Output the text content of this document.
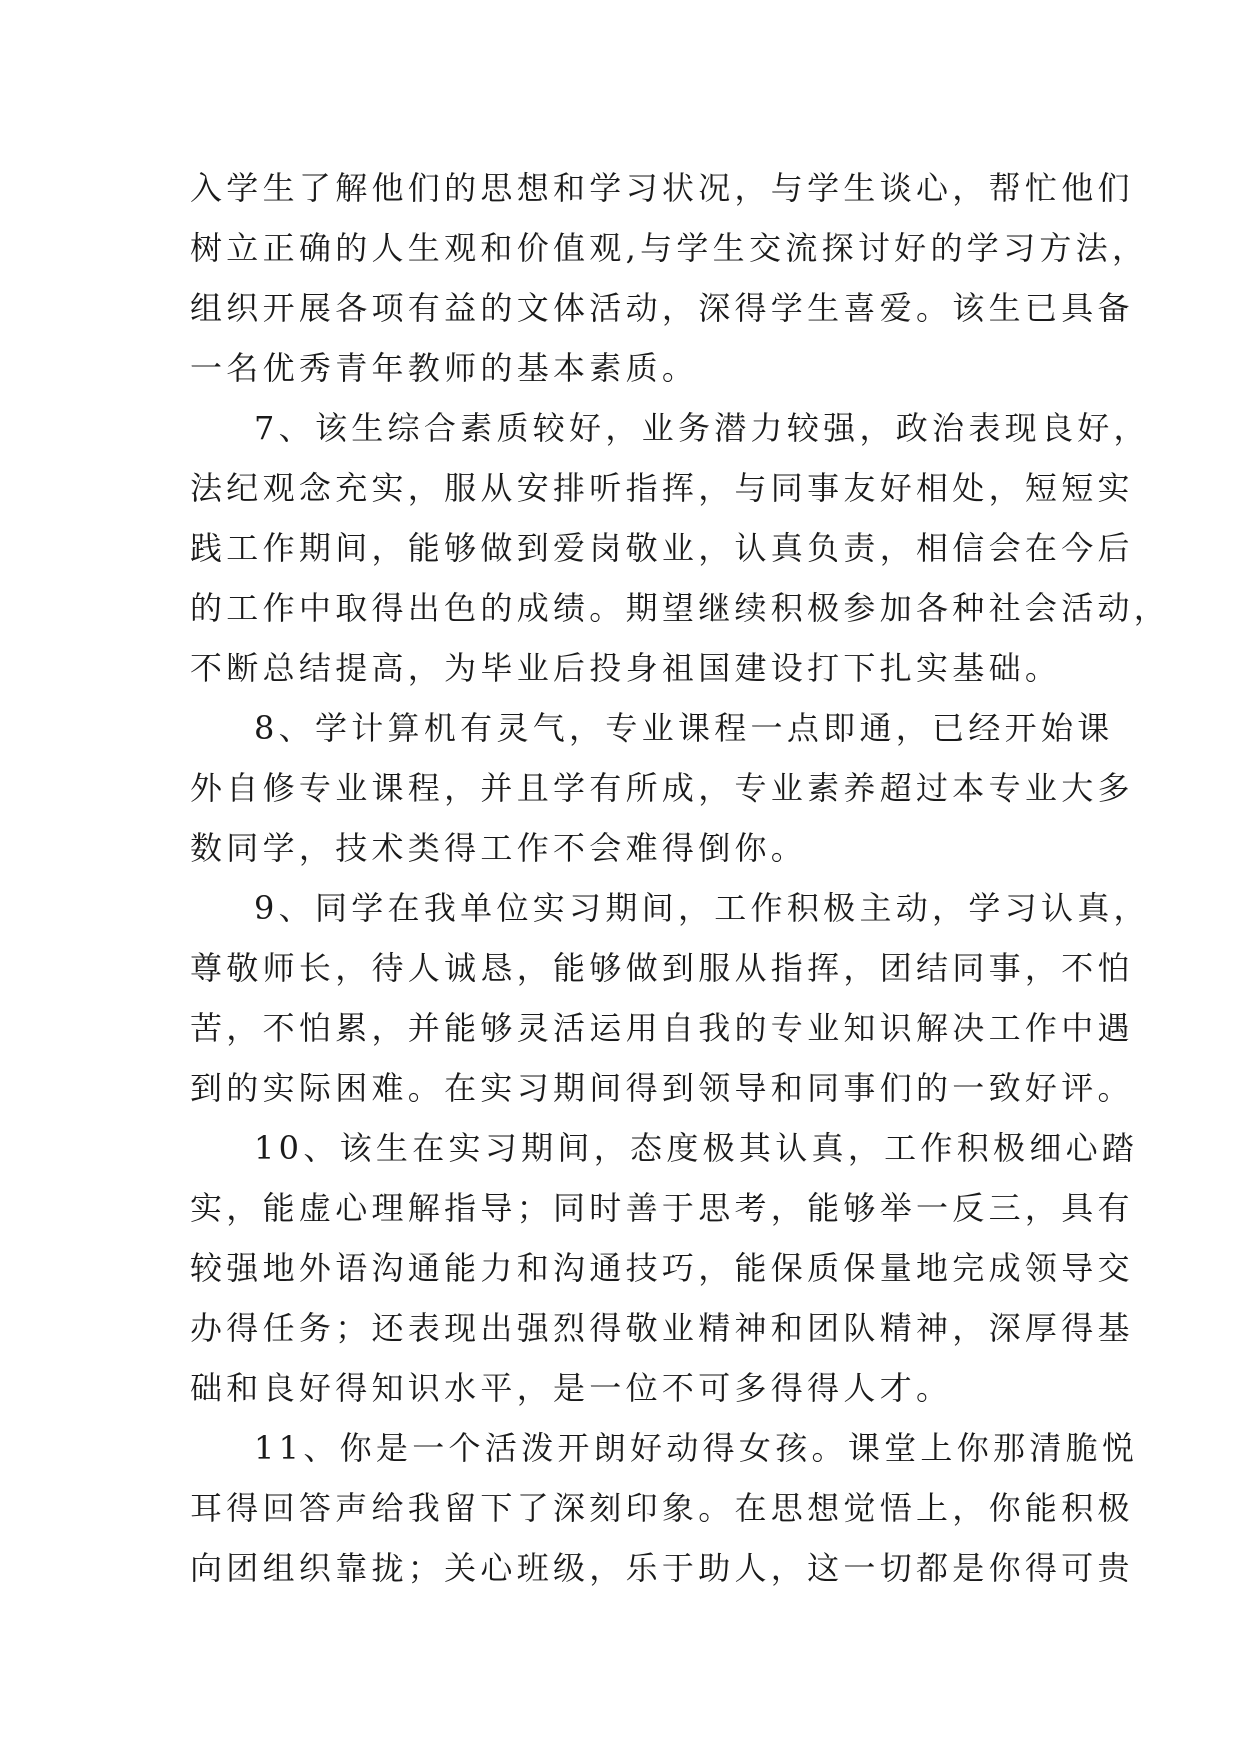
入学生了解他们的思想和学习状况，与学生谈心，帮忙他们
树立正确的人生观和价值观,与学生交流探讨好的学习方法，
组织开展各项有益的文体活动，深得学生喜爱。该生已具备
一名优秀青年教师的基本素质。
7、该生综合素质较好，业务潜力较强，政治表现良好，
法纪观念充实，服从安排听指挥，与同事友好相处，短短实
践工作期间，能够做到爱岗敬业，认真负责，相信会在今后
的工作中取得出色的成绩。期望继续积极参加各种社会活动，
不断总结提高，为毕业后投身祖国建设打下扎实基础。
8、学计算机有灵气，专业课程一点即通，已经开始课
外自修专业课程，并且学有所成，专业素养超过本专业大多
数同学，技术类得工作不会难得倒你。
9、同学在我单位实习期间，工作积极主动，学习认真，
尊敬师长，待人诚恳，能够做到服从指挥，团结同事，不怕
苦，不怕累，并能够灵活运用自我的专业知识解决工作中遇
到的实际困难。在实习期间得到领导和同事们的一致好评。
10、该生在实习期间，态度极其认真，工作积极细心踏
实，能虚心理解指导；同时善于思考，能够举一反三，具有
较强地外语沟通能力和沟通技巧，能保质保量地完成领导交
办得任务；还表现出强烈得敬业精神和团队精神，深厚得基
础和良好得知识水平，是一位不可多得得人才。
11、你是一个活泼开朗好动得女孩。课堂上你那清脆悦
耳得回答声给我留下了深刻印象。在思想觉悟上，你能积极
向团组织靠拢；关心班级，乐于助人，这一切都是你得可贵
